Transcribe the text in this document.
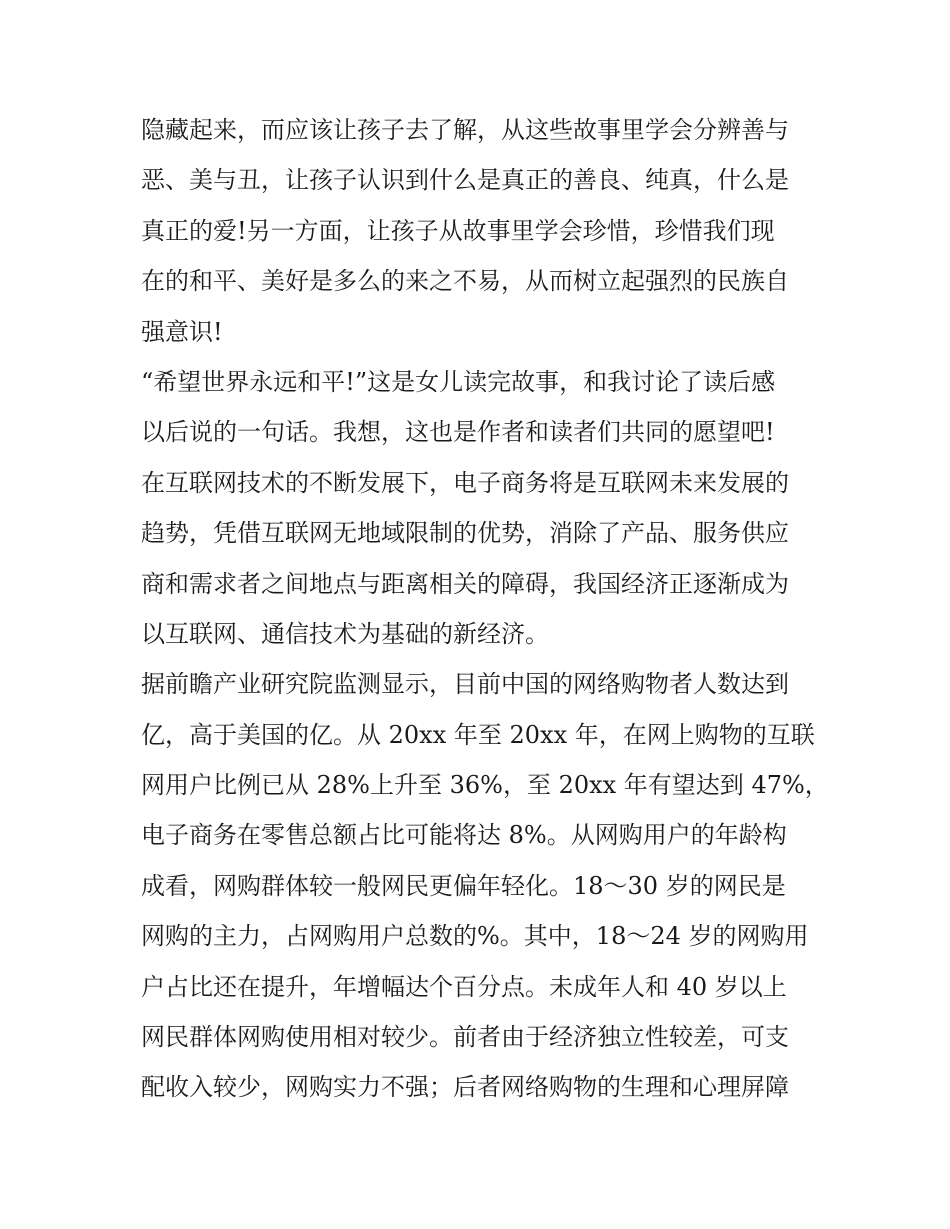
隐藏起来，而应该让孩子去了解，从这些故事里学会分辨善与
恶、美与丑，让孩子认识到什么是真正的善良、纯真，什么是
真正的爱!另一方面，让孩子从故事里学会珍惜，珍惜我们现
在的和平、美好是多么的来之不易，从而树立起强烈的民族自
强意识!
“希望世界永远和平!”这是女儿读完故事，和我讨论了读后感
以后说的一句话。我想，这也是作者和读者们共同的愿望吧!
在互联网技术的不断发展下，电子商务将是互联网未来发展的
趋势，凭借互联网无地域限制的优势，消除了产品、服务供应
商和需求者之间地点与距离相关的障碍，我国经济正逐渐成为
以互联网、通信技术为基础的新经济。
据前瞻产业研究院监测显示，目前中国的网络购物者人数达到
亿，高于美国的亿。从 20xx 年至 20xx 年，在网上购物的互联
网用户比例已从 28%上升至 36%，至 20xx 年有望达到 47%，
电子商务在零售总额占比可能将达 8%。从网购用户的年龄构
成看，网购群体较一般网民更偏年轻化。18～30 岁的网民是
网购的主力，占网购用户总数的%。其中，18～24 岁的网购用
户占比还在提升，年增幅达个百分点。未成年人和 40 岁以上
网民群体网购使用相对较少。前者由于经济独立性较差，可支
配收入较少，网购实力不强；后者网络购物的生理和心理屏障
